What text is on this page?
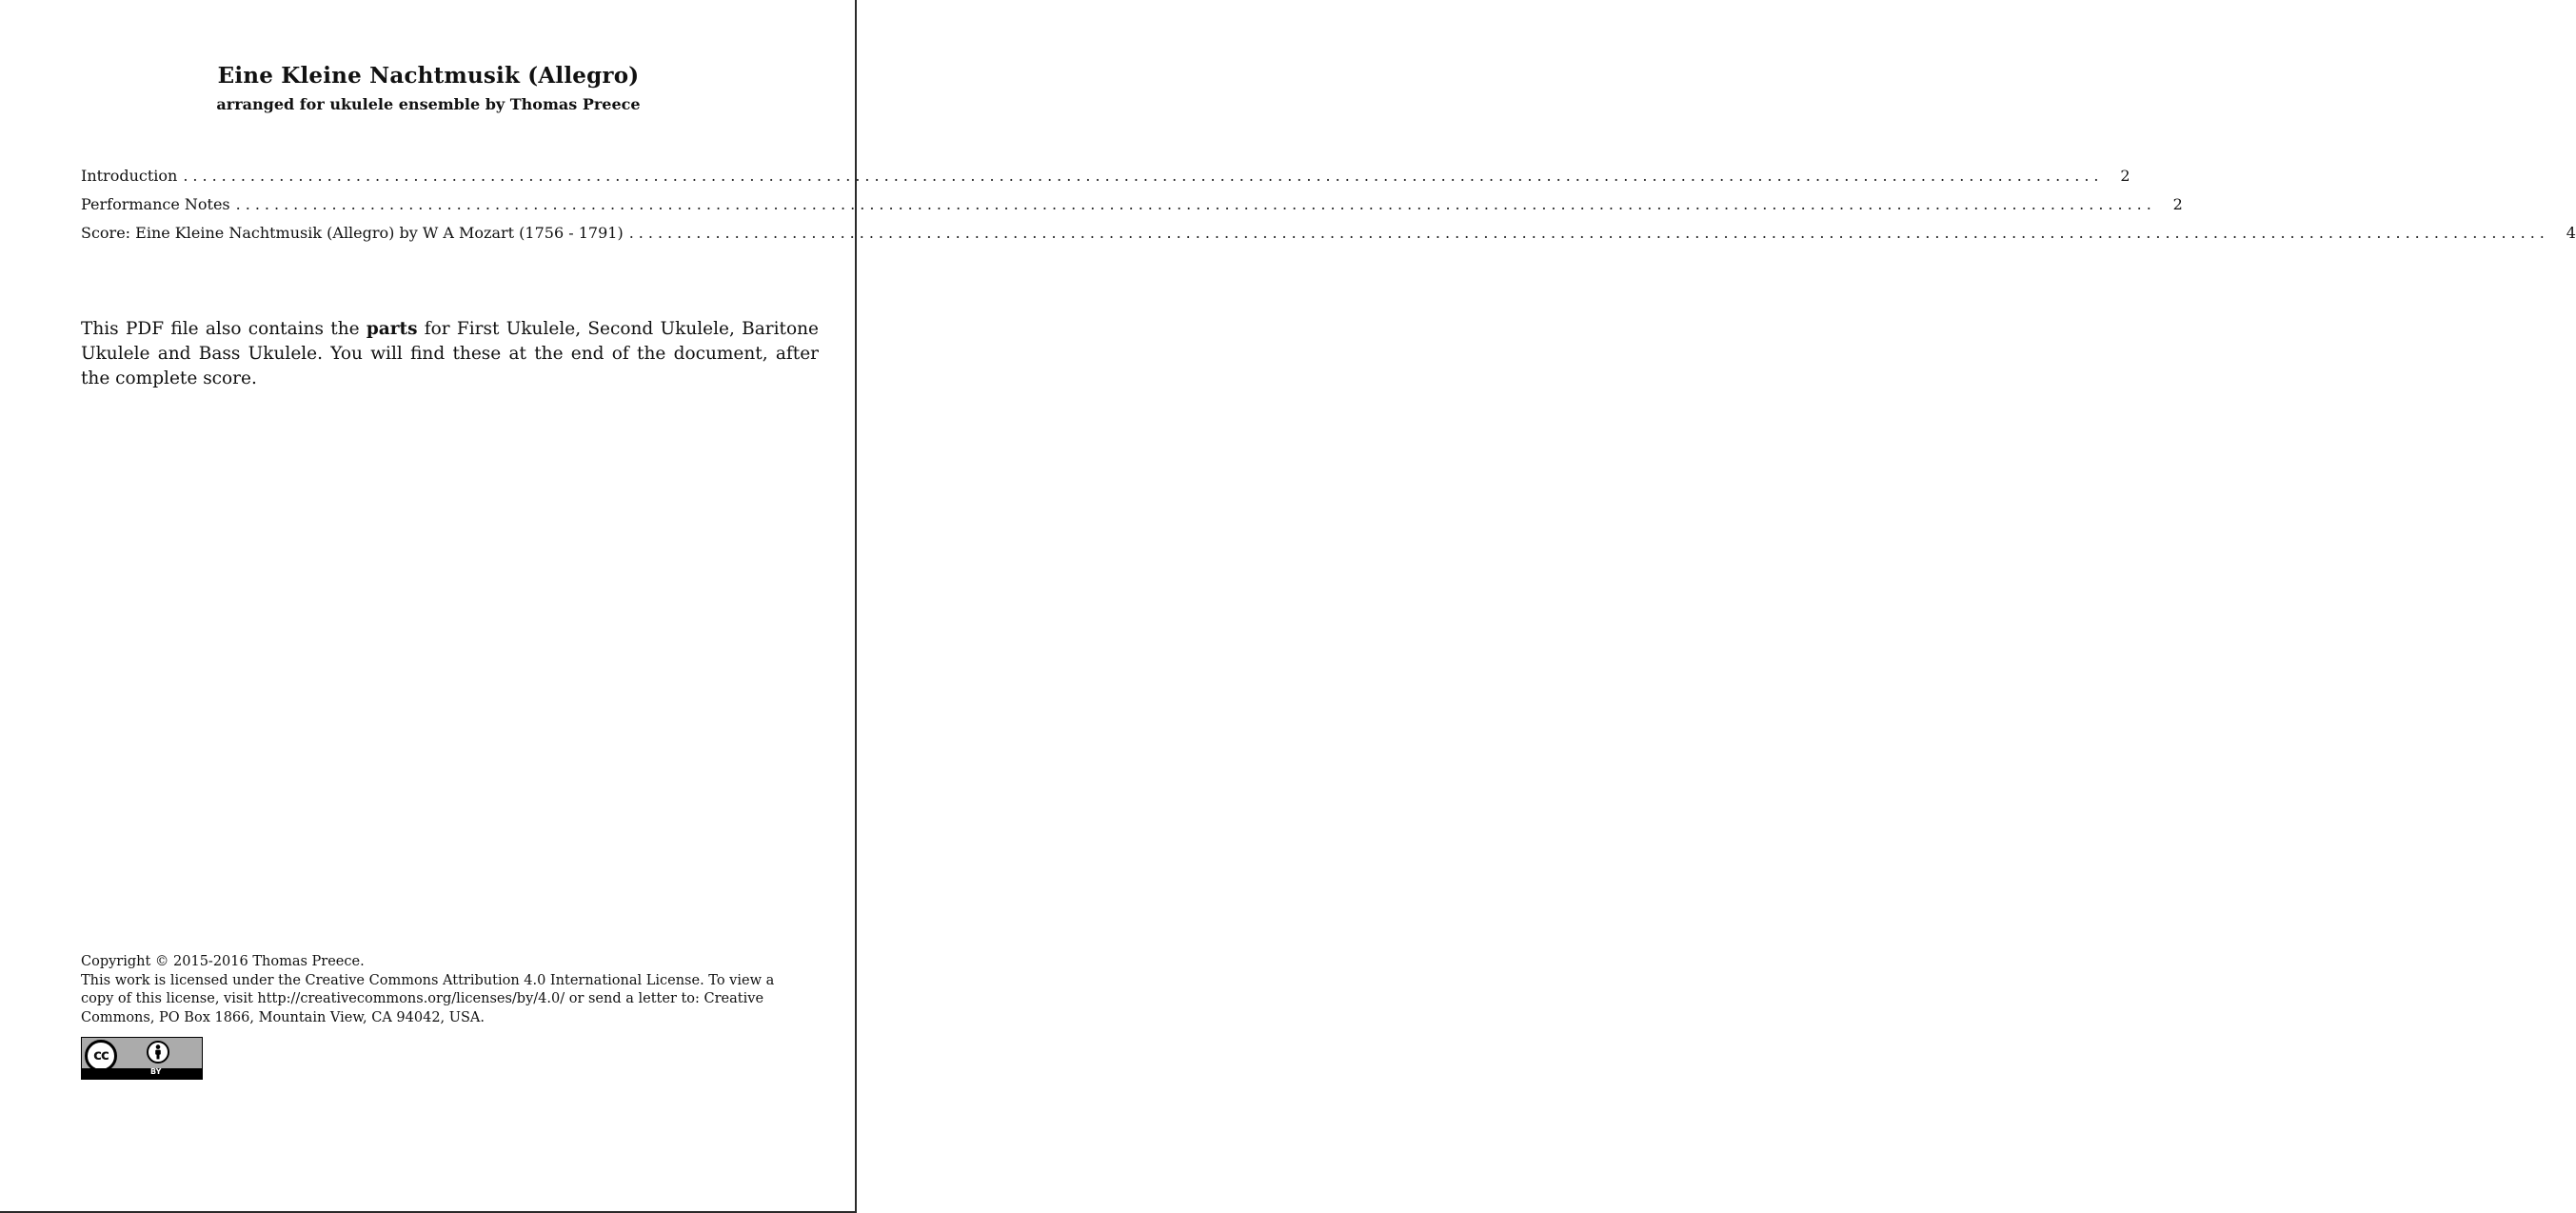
Eine Kleine Nachtmusik (Allegro)
arranged for ukulele ensemble by Thomas Preece
Introduction ........................................................................................................................................................................................................	2
Performance Notes ........................................................................................................................................................................................................	2
Score: Eine Kleine Nachtmusik (Allegro) by W A Mozart (1756 - 1791) ........................................................................................................................................................................................................	4

This PDF file also contains the parts for First Ukulele, Second Ukulele, Baritone Ukulele and Bass Ukulele. You will find these at the end of the document, after the complete score.

Copyright © 2015-2016 Thomas Preece.
This work is licensed under the Creative Commons Attribution 4.0 International License. To view a copy of this license, visit http://creativecommons.org/licenses/by/4.0/ or send a letter to: Creative Commons, PO Box 1866, Mountain View, CA 94042, USA.
cc
BY
